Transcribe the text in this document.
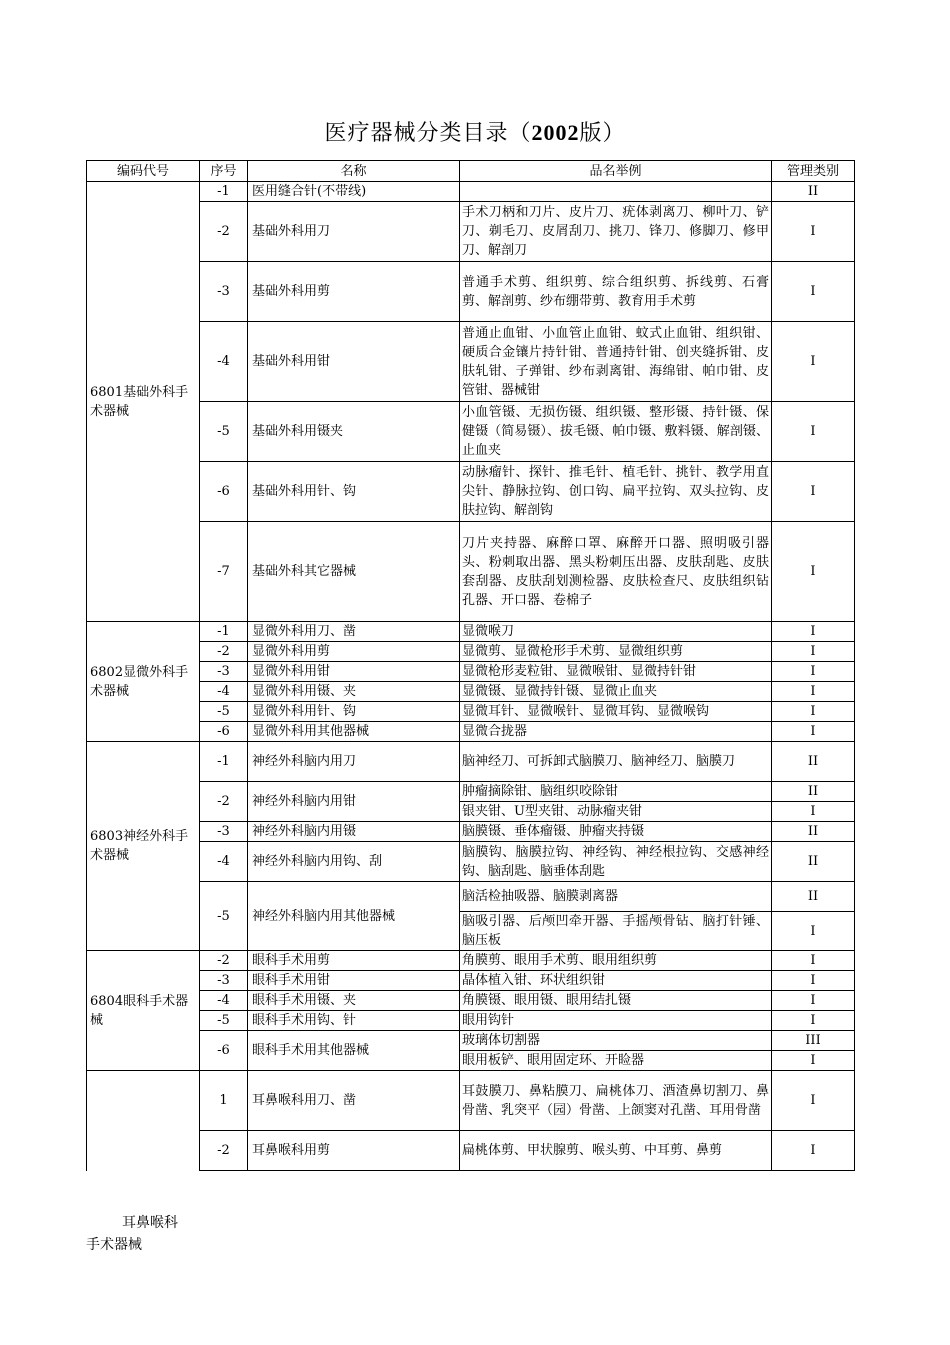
医疗器械分类目录（2002版）
编码代号	序号	名称	品名举例	管理类别
6801基础外科手术器械	-1	医用缝合针(不带线)		II
	-2	基础外科用刀	手术刀柄和刀片、皮片刀、疣体剥离刀、柳叶刀、铲刀、剃毛刀、皮屑刮刀、挑刀、锋刀、修脚刀、修甲刀、解剖刀	I
	-3	基础外科用剪	普通手术剪、组织剪、综合组织剪、拆线剪、石膏剪、解剖剪、纱布绷带剪、教育用手术剪	I
	-4	基础外科用钳	普通止血钳、小血管止血钳、蚊式止血钳、组织钳、硬质合金镶片持针钳、普通持针钳、创夹缝拆钳、皮肤轧钳、子弹钳、纱布剥离钳、海绵钳、帕巾钳、皮管钳、器械钳	I
	-5	基础外科用镊夹	小血管镊、无损伤镊、组织镊、整形镊、持针镊、保健镊（简易镊）、拔毛镊、帕巾镊、敷料镊、解剖镊、止血夹	I
	-6	基础外科用针、钩	动脉瘤针、探针、推毛针、植毛针、挑针、教学用直尖针、静脉拉钩、创口钩、扁平拉钩、双头拉钩、皮肤拉钩、解剖钩	I
	-7	基础外科其它器械	刀片夹持器、麻醉口罩、麻醉开口器、照明吸引器头、粉刺取出器、黑头粉刺压出器、皮肤刮匙、皮肤套刮器、皮肤刮划测检器、皮肤检查尺、皮肤组织钻孔器、开口器、卷棉子	I
6802显微外科手术器械	-1	显微外科用刀、凿	显微喉刀	I
	-2	显微外科用剪	显微剪、显微枪形手术剪、显微组织剪	I
	-3	显微外科用钳	显微枪形麦粒钳、显微喉钳、显微持针钳	I
	-4	显微外科用镊、夹	显微镊、显微持针镊、显微止血夹	I
	-5	显微外科用针、钩	显微耳针、显微喉针、显微耳钩、显微喉钩	I
	-6	显微外科用其他器械	显微合拢器	I
6803神经外科手术器械	-1	神经外科脑内用刀	脑神经刀、可拆卸式脑膜刀、脑神经刀、脑膜刀	II
	-2	神经外科脑内用钳	肿瘤摘除钳、脑组织咬除钳	II
			银夹钳、U型夹钳、动脉瘤夹钳	I
	-3	神经外科脑内用镊	脑膜镊、垂体瘤镊、肿瘤夹持镊	II
	-4	神经外科脑内用钩、刮	脑膜钩、脑膜拉钩、神经钩、神经根拉钩、交感神经钩、脑刮匙、脑垂体刮匙	II
	-5	神经外科脑内用其他器械	脑活检抽吸器、脑膜剥离器	II
			脑吸引器、后颅凹牵开器、手摇颅骨钻、脑打针锤、脑压板	I
6804眼科手术器械	-2	眼科手术用剪	角膜剪、眼用手术剪、眼用组织剪	I
	-3	眼科手术用钳	晶体植入钳、环状组织钳	I
	-4	眼科手术用镊、夹	角膜镊、眼用镊、眼用结扎镊	I
	-5	眼科手术用钩、针	眼用钩针	I
	-6	眼科手术用其他器械	玻璃体切割器	III
			眼用板铲、眼用固定环、开睑器	I
	1	耳鼻喉科用刀、凿	耳鼓膜刀、鼻粘膜刀、扁桃体刀、酒渣鼻切割刀、鼻骨凿、乳突平（园）骨凿、上颌窦对孔凿、耳用骨凿	I
	-2	耳鼻喉科用剪	扁桃体剪、甲状腺剪、喉头剪、中耳剪、鼻剪	I
耳鼻喉科
手术器械
